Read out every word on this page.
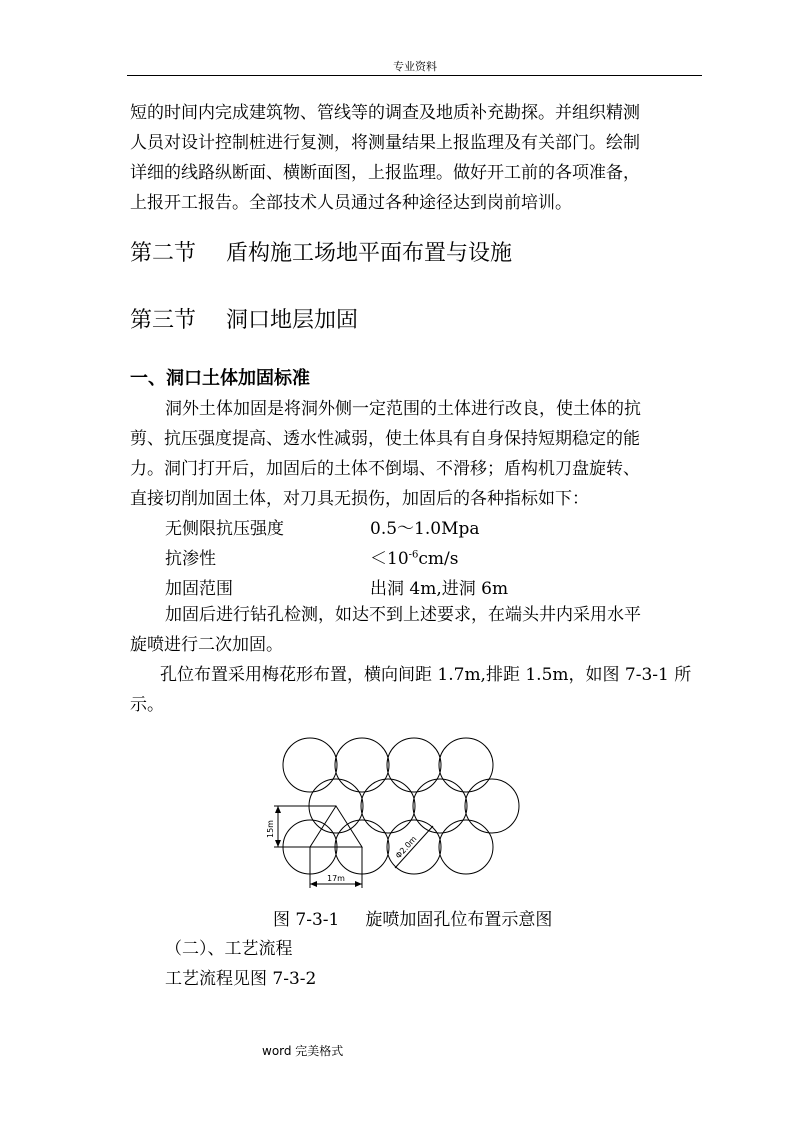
专业资料
短的时间内完成建筑物、管线等的调查及地质补充勘探。并组织精测
人员对设计控制桩进行复测，将测量结果上报监理及有关部门。绘制
详细的线路纵断面、横断面图，上报监理。做好开工前的各项准备，
上报开工报告。全部技术人员通过各种途径达到岗前培训。
第二节 盾构施工场地平面布置与设施
第三节 洞口地层加固
一、洞口土体加固标准
洞外土体加固是将洞外侧一定范围的土体进行改良，使土体的抗
剪、抗压强度提高、透水性减弱，使土体具有自身保持短期稳定的能
力。洞门打开后，加固后的土体不倒塌、不滑移；盾构机刀盘旋转、
直接切削加固土体，对刀具无损伤，加固后的各种指标如下：
无侧限抗压强度	0.5～1.0Mpa
抗渗性	$<10^{-6}cm/s$
加固范围	出洞 4m,进洞 6m
加固后进行钻孔检测，如达不到上述要求，在端头井内采用水平
旋喷进行二次加固。
孔位布置采用梅花形布置，横向间距 1.7m,排距 1.5m，如图 7-3-1 所
示。
15m
17m
Φ2.0m
图 7-3-1 旋喷加固孔位布置示意图
（二）、工艺流程
工艺流程见图 7-3-2
word 完美格式
